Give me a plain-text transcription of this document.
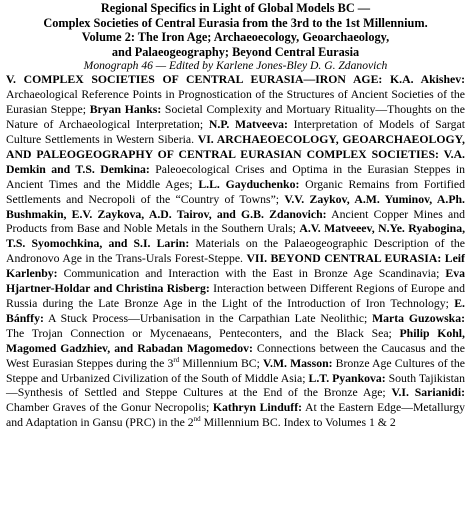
Regional Specifics in Light of Global Models BC —
Complex Societies of Central Eurasia from the 3rd to the 1st Millennium.
Volume 2: The Iron Age; Archaeoecology, Geoarchaeology,
and Palaeogeography; Beyond Central Eurasia
Monograph 46 — Edited by Karlene Jones-Bley D. G. Zdanovich
V. COMPLEX SOCIETIES OF CENTRAL EURASIA—IRON AGE: K.A. Akishev: Archaeological Reference Points in Prognostication of the Structures of Ancient Societies of the Eurasian Steppe; Bryan Hanks: Societal Complexity and Mortuary Rituality—Thoughts on the Nature of Archaeological Interpretation; N.P. Matveeva: Interpretation of Models of Sargat Culture Settlements in Western Siberia. VI. ARCHAEOECOLOGY, GEOARCHAEOLOGY, AND PALEOGEOGRAPHY OF CENTRAL EURASIAN COMPLEX SOCIETIES: V.A. Demkin and T.S. Demkina: Paleoecological Crises and Optima in the Eurasian Steppes in Ancient Times and the Middle Ages; L.L. Gayduchenko: Organic Remains from Fortified Settlements and Necropoli of the “Country of Towns”; V.V. Zaykov, A.M. Yuminov, A.Ph. Bushmakin, E.V. Zaykova, A.D. Tairov, and G.B. Zdanovich: Ancient Copper Mines and Products from Base and Noble Metals in the Southern Urals; A.V. Matveeev, N.Ye. Ryabogina, T.S. Syomochkina, and S.I. Larin: Materials on the Palaeogeographic Description of the Andronovo Age in the Trans-Urals Forest-Steppe. VII. BEYOND CENTRAL EURASIA: Leif Karlenby: Communication and Interaction with the East in Bronze Age Scandinavia; Eva Hjartner-Holdar and Christina Risberg: Interaction between Different Regions of Europe and Russia during the Late Bronze Age in the Light of the Introduction of Iron Technology; E. Bánffy: A Stuck Process—Urbanisation in the Carpathian Late Neolithic; Marta Guzowska: The Trojan Connection or Mycenaeans, Penteconters, and the Black Sea; Philip Kohl, Magomed Gadzhiev, and Rabadan Magomedov: Connections between the Caucasus and the West Eurasian Steppes during the 3rd Millennium BC; V.M. Masson: Bronze Age Cultures of the Steppe and Urbanized Civilization of the South of Middle Asia; L.T. Pyankova: South Tajikistan—Synthesis of Settled and Steppe Cultures at the End of the Bronze Age; V.I. Sarianidi: Chamber Graves of the Gonur Necropolis; Kathryn Linduff: At the Eastern Edge—Metallurgy and Adaptation in Gansu (PRC) in the 2nd Millennium BC. Index to Volumes 1 & 2
